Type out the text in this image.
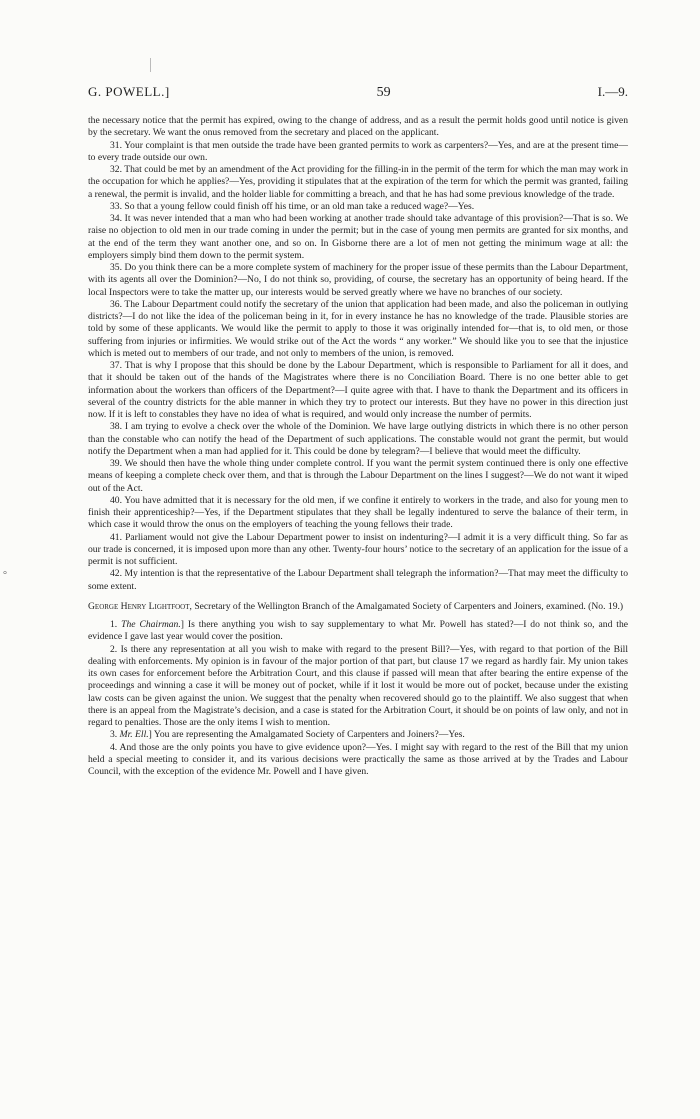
°
G. POWELL.]	59	I.—9.

the necessary notice that the permit has expired, owing to the change of address, and as a result the permit holds good until notice is given by the secretary. We want the onus removed from the secretary and placed on the applicant.

31. Your complaint is that men outside the trade have been granted permits to work as carpenters?—Yes, and are at the present time—to every trade outside our own.

32. That could be met by an amendment of the Act providing for the filling-in in the permit of the term for which the man may work in the occupation for which he applies?—Yes, providing it stipulates that at the expiration of the term for which the permit was granted, failing a renewal, the permit is invalid, and the holder liable for committing a breach, and that he has had some previous knowledge of the trade.

33. So that a young fellow could finish off his time, or an old man take a reduced wage?—Yes.

34. It was never intended that a man who had been working at another trade should take advantage of this provision?—That is so. We raise no objection to old men in our trade coming in under the permit; but in the case of young men permits are granted for six months, and at the end of the term they want another one, and so on. In Gisborne there are a lot of men not getting the minimum wage at all: the employers simply bind them down to the permit system.

35. Do you think there can be a more complete system of machinery for the proper issue of these permits than the Labour Department, with its agents all over the Dominion?—No, I do not think so, providing, of course, the secretary has an opportunity of being heard. If the local Inspectors were to take the matter up, our interests would be served greatly where we have no branches of our society.

36. The Labour Department could notify the secretary of the union that application had been made, and also the policeman in outlying districts?—I do not like the idea of the policeman being in it, for in every instance he has no knowledge of the trade. Plausible stories are told by some of these applicants. We would like the permit to apply to those it was originally intended for—that is, to old men, or those suffering from injuries or infirmities. We would strike out of the Act the words “ any worker.” We should like you to see that the injustice which is meted out to members of our trade, and not only to members of the union, is removed.

37. That is why I propose that this should be done by the Labour Department, which is responsible to Parliament for all it does, and that it should be taken out of the hands of the Magistrates where there is no Conciliation Board. There is no one better able to get information about the workers than officers of the Department?—I quite agree with that. I have to thank the Department and its officers in several of the country districts for the able manner in which they try to protect our interests. But they have no power in this direction just now. If it is left to constables they have no idea of what is required, and would only increase the number of permits.

38. I am trying to evolve a check over the whole of the Dominion. We have large outlying districts in which there is no other person than the constable who can notify the head of the Department of such applications. The constable would not grant the permit, but would notify the Department when a man had applied for it. This could be done by telegram?—I believe that would meet the difficulty.

39. We should then have the whole thing under complete control. If you want the permit system continued there is only one effective means of keeping a complete check over them, and that is through the Labour Department on the lines I suggest?—We do not want it wiped out of the Act.

40. You have admitted that it is necessary for the old men, if we confine it entirely to workers in the trade, and also for young men to finish their apprenticeship?—Yes, if the Department stipulates that they shall be legally indentured to serve the balance of their term, in which case it would throw the onus on the employers of teaching the young fellows their trade.

41. Parliament would not give the Labour Department power to insist on indenturing?—I admit it is a very difficult thing. So far as our trade is concerned, it is imposed upon more than any other. Twenty-four hours’ notice to the secretary of an application for the issue of a permit is not sufficient.

42. My intention is that the representative of the Labour Department shall telegraph the information?—That may meet the difficulty to some extent.

George Henry Lightfoot, Secretary of the Wellington Branch of the Amalgamated Society of Carpenters and Joiners, examined. (No. 19.)

1. The Chairman.] Is there anything you wish to say supplementary to what Mr. Powell has stated?—I do not think so, and the evidence I gave last year would cover the position.

2. Is there any representation at all you wish to make with regard to the present Bill?—Yes, with regard to that portion of the Bill dealing with enforcements. My opinion is in favour of the major portion of that part, but clause 17 we regard as hardly fair. My union takes its own cases for enforcement before the Arbitration Court, and this clause if passed will mean that after bearing the entire expense of the proceedings and winning a case it will be money out of pocket, while if it lost it would be more out of pocket, because under the existing law costs can be given against the union. We suggest that the penalty when recovered should go to the plaintiff. We also suggest that when there is an appeal from the Magistrate’s decision, and a case is stated for the Arbitration Court, it should be on points of law only, and not in regard to penalties. Those are the only items I wish to mention.

3. Mr. Ell.] You are representing the Amalgamated Society of Carpenters and Joiners?—Yes.

4. And those are the only points you have to give evidence upon?—Yes. I might say with regard to the rest of the Bill that my union held a special meeting to consider it, and its various decisions were practically the same as those arrived at by the Trades and Labour Council, with the exception of the evidence Mr. Powell and I have given.
